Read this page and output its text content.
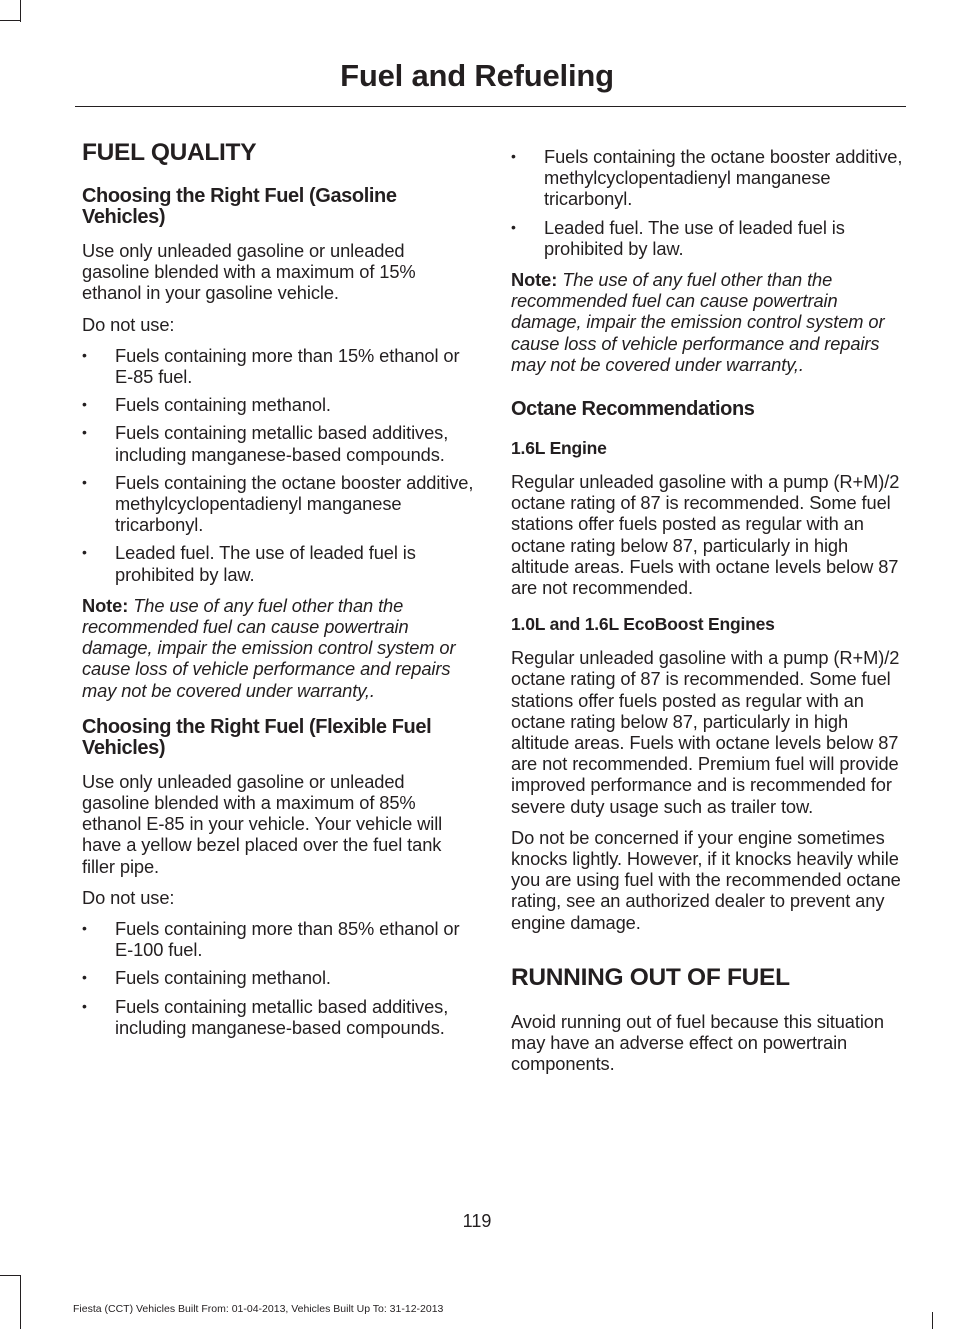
Fuel and Refueling
FUEL QUALITY
Choosing the Right Fuel (Gasoline Vehicles)

Use only unleaded gasoline or unleaded gasoline blended with a maximum of 15% ethanol in your gasoline vehicle.

Do not use:

• Fuels containing more than 15% ethanol or E-85 fuel.
• Fuels containing methanol.
• Fuels containing metallic based additives, including manganese-based compounds.
• Fuels containing the octane booster additive, methylcyclopentadienyl manganese tricarbonyl.
• Leaded fuel. The use of leaded fuel is prohibited by law.

Note: The use of any fuel other than the recommended fuel can cause powertrain damage, impair the emission control system or cause loss of vehicle performance and repairs may not be covered under warranty,.

Choosing the Right Fuel (Flexible Fuel Vehicles)

Use only unleaded gasoline or unleaded gasoline blended with a maximum of 85% ethanol E-85 in your vehicle. Your vehicle will have a yellow bezel placed over the fuel tank filler pipe.

Do not use:

• Fuels containing more than 85% ethanol or E-100 fuel.
• Fuels containing methanol.
• Fuels containing metallic based additives, including manganese-based compounds.
• Fuels containing the octane booster additive, methylcyclopentadienyl manganese tricarbonyl.
• Leaded fuel. The use of leaded fuel is prohibited by law.

Note: The use of any fuel other than the recommended fuel can cause powertrain damage, impair the emission control system or cause loss of vehicle performance and repairs may not be covered under warranty,.

Octane Recommendations
1.6L Engine

Regular unleaded gasoline with a pump (R+M)/2 octane rating of 87 is recommended. Some fuel stations offer fuels posted as regular with an octane rating below 87, particularly in high altitude areas. Fuels with octane levels below 87 are not recommended.

1.0L and 1.6L EcoBoost Engines

Regular unleaded gasoline with a pump (R+M)/2 octane rating of 87 is recommended. Some fuel stations offer fuels posted as regular with an octane rating below 87, particularly in high altitude areas. Fuels with octane levels below 87 are not recommended. Premium fuel will provide improved performance and is recommended for severe duty usage such as trailer tow.

Do not be concerned if your engine sometimes knocks lightly. However, if it knocks heavily while you are using fuel with the recommended octane rating, see an authorized dealer to prevent any engine damage.

RUNNING OUT OF FUEL

Avoid running out of fuel because this situation may have an adverse effect on powertrain components.

119
Fiesta (CCT) Vehicles Built From: 01-04-2013, Vehicles Built Up To: 31-12-2013
